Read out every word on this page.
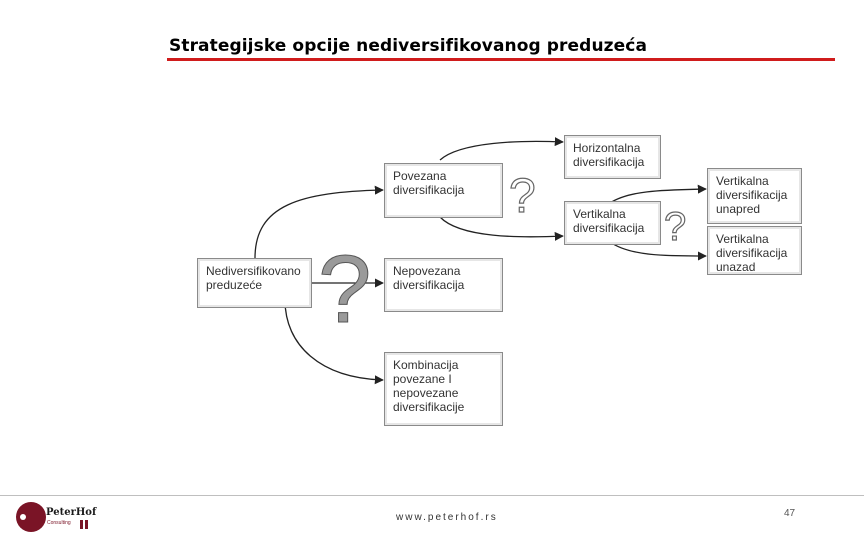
Strategijske opcije nediversifikovanog preduzeća
?
?
?
Nediversifikovano
preduzeće
Povezana
diversifikacija
Nepovezana
diversifikacija
Kombinacija
povezane I
nepovezane
diversifikacije
Horizontalna
diversifikacija
Vertikalna
diversifikacija
Vertikalna
diversifikacija
unapred
Vertikalna
diversifikacija
unazad
PeterHof
Consulting	www.peterhof.rs	47
